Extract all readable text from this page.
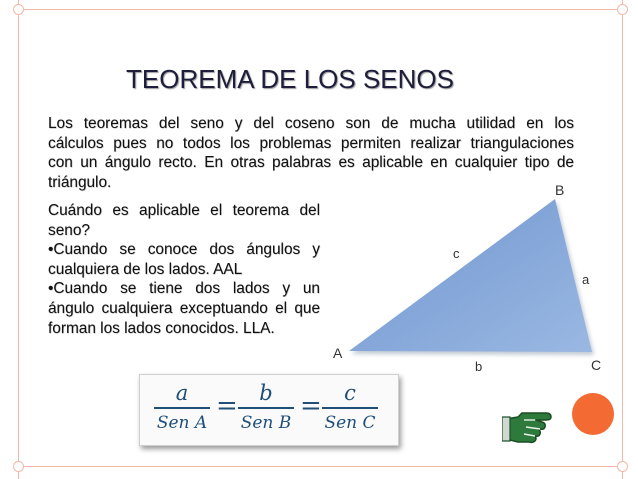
TEOREMA DE LOS SENOS
Los teoremas del seno y del coseno son de mucha utilidad en los
cálculos pues no todos los problemas permiten realizar triangulaciones
con un ángulo recto. En otras palabras es aplicable en cualquier tipo de
triángulo.
Cuándo es aplicable el teorema del
seno?
•Cuando se conoce dos ángulos y
cualquiera de los lados. AAL
•Cuando se tiene dos lados y un
ángulo cualquiera exceptuando el que
forman los lados conocidos. LLA.
A
B
C
a
b
c
a
Sen A
=	b
Sen B
=	c
Sen C
